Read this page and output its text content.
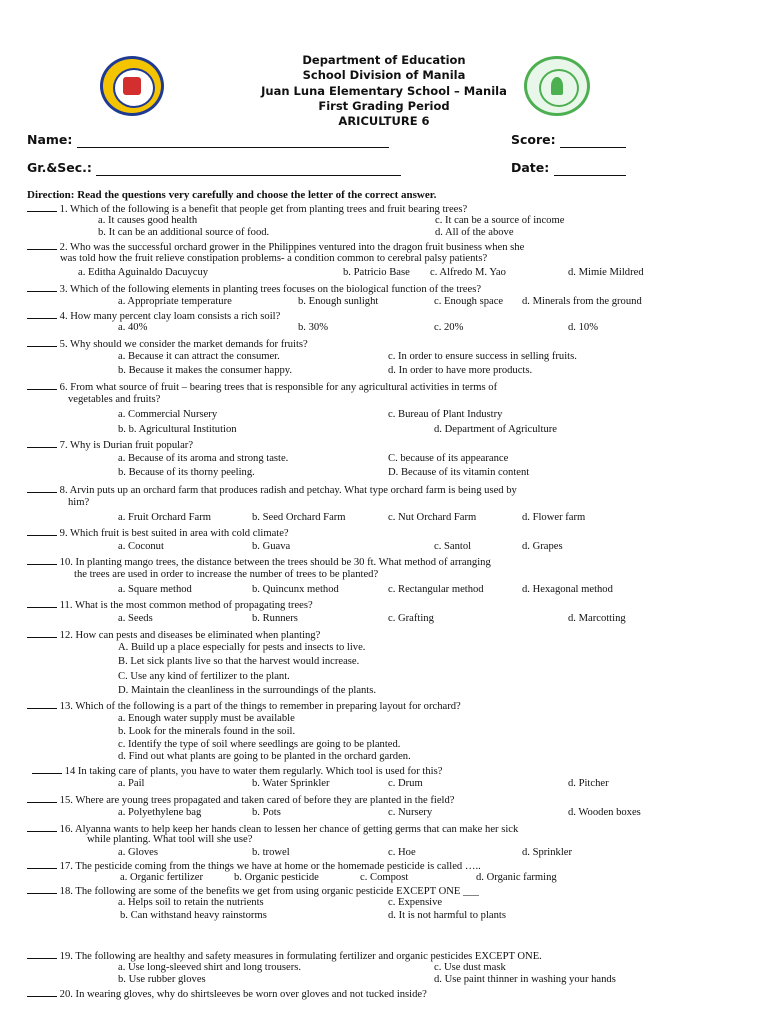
Department of Education
School Division of Manila
Juan Luna Elementary School – Manila
First Grading Period
ARICULTURE 6
Name:	Score:
Gr.&Sec.:	Date:
Direction: Read the questions very carefully and choose the letter of the correct answer.
1. Which of the following is a benefit that people get from planting trees and fruit bearing trees?
a. It causes good health	c. It can be a source of income
b. It can be an additional source of food.	d. All of the above
2. Who was the successful orchard grower in the Philippines ventured into the dragon fruit business when she
was told how the fruit relieve constipation problems- a condition common to cerebral palsy patients?
a. Editha Aguinaldo Dacuycuy	b. Patricio Base c. Alfredo M. Yao	d. Mimie Mildred
3. Which of the following elements in planting trees focuses on the biological function of the trees?
a. Appropriate temperature	b. Enough sunlight	c. Enough space d. Minerals from the ground
4. How many percent clay loam consists a rich soil?
a. 40%	b. 30%	c. 20%	d. 10%
5. Why should we consider the market demands for fruits?
a. Because it can attract the consumer.	c. In order to ensure success in selling fruits.
b. Because it makes the consumer happy.	d. In order to have more products.
6. From what source of fruit – bearing trees that is responsible for any agricultural activities in terms of
vegetables and fruits?
a. Commercial Nursery	c. Bureau of Plant Industry
b. b. Agricultural Institution	d. Department of Agriculture
7. Why is Durian fruit popular?
a. Because of its aroma and strong taste.	C. because of its appearance
b. Because of its thorny peeling.	D. Because of its vitamin content
8. Arvin puts up an orchard farm that produces radish and petchay. What type orchard farm is being used by
him?
a. Fruit Orchard Farm	b. Seed Orchard Farm	c. Nut Orchard Farm	d. Flower farm
9. Which fruit is best suited in area with cold climate?
a. Coconut	b. Guava	c. Santol	d. Grapes
10. In planting mango trees, the distance between the trees should be 30 ft. What method of arranging
the trees are used in order to increase the number of trees to be planted?
a. Square method	b. Quincunx method	c. Rectangular method	d. Hexagonal method
11. What is the most common method of propagating trees?
a. Seeds	b. Runners	c. Grafting	d. Marcotting
12. How can pests and diseases be eliminated when planting?
A. Build up a place especially for pests and insects to live.
B. Let sick plants live so that the harvest would increase.
C. Use any kind of fertilizer to the plant.
D. Maintain the cleanliness in the surroundings of the plants.
13. Which of the following is a part of the things to remember in preparing layout for orchard?
a. Enough water supply must be available
b. Look for the minerals found in the soil.
c. Identify the type of soil where seedlings are going to be planted.
d. Find out what plants are going to be planted in the orchard garden.
14 In taking care of plants, you have to water them regularly. Which tool is used for this?
a. Pail	b. Water Sprinkler	c. Drum	d. Pitcher
15. Where are young trees propagated and taken cared of before they are planted in the field?
a. Polyethylene bag	b. Pots	c. Nursery	d. Wooden boxes
16. Alyanna wants to help keep her hands clean to lessen her chance of getting germs that can make her sick
while planting. What tool will she use?
a. Gloves	b. trowel	c. Hoe	d. Sprinkler
17. The pesticide coming from the things we have at home or the homemade pesticide is called …..
a. Organic fertilizer	b. Organic pesticide	c. Compost	d. Organic farming
18. The following are some of the benefits we get from using organic pesticide EXCEPT ONE ___
a. Helps soil to retain the nutrients	c. Expensive
b. Can withstand heavy rainstorms	d. It is not harmful to plants
19. The following are healthy and safety measures in formulating fertilizer and organic pesticides EXCEPT ONE.
a. Use long-sleeved shirt and long trousers.	c. Use dust mask
b. Use rubber gloves	d. Use paint thinner in washing your hands
20. In wearing gloves, why do shirtsleeves be worn over gloves and not tucked inside?
